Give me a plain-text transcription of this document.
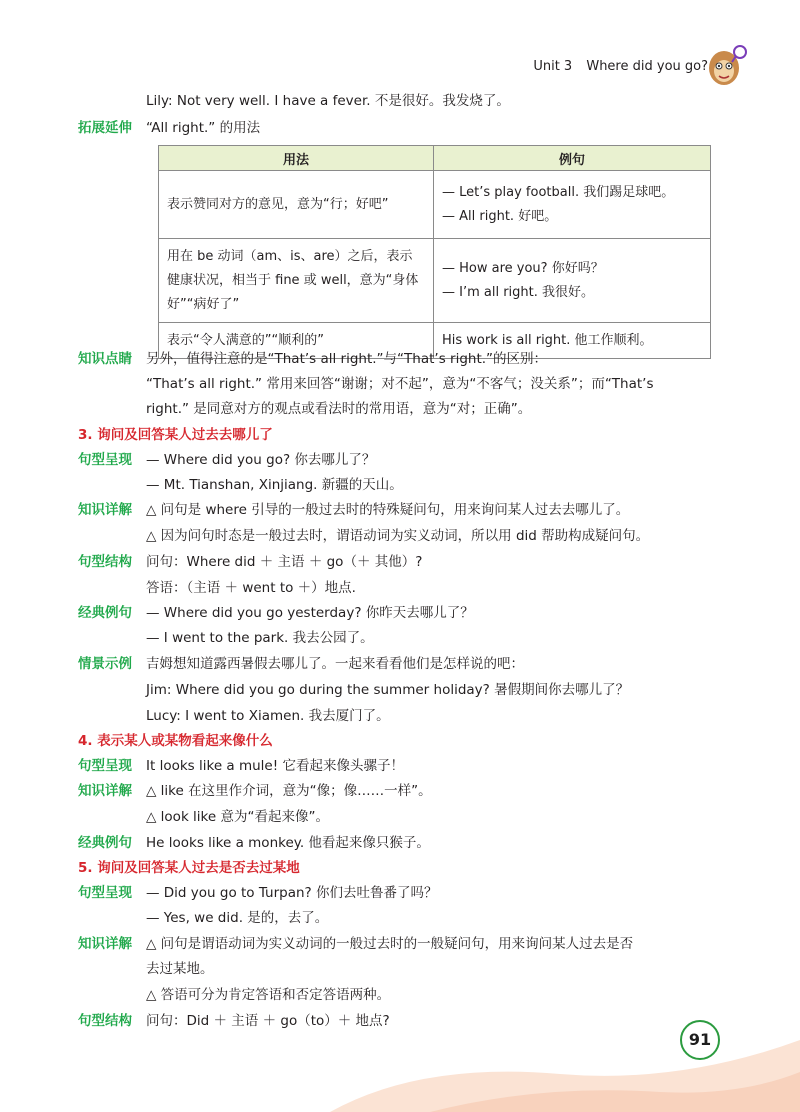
Unit 3 Where did you go?
Lily: Not very well. I have a fever. 不是很好。我发烧了。
拓展延伸 “All right.” 的用法
用法	例句
表示赞同对方的意见，意为“行；好吧”	— Let’s play football. 我们踢足球吧。
— All right. 好吧。

用在 be 动词（am、is、are）之后，表示健康状况，相当于 fine 或 well，意为“身体好”“病好了”	— How are you? 你好吗？
— I’m all right. 我很好。

表示“令人满意的”“顺利的”	His work is all right. 他工作顺利。
知识点睛 另外，值得注意的是“That’s all right.”与“That’s right.”的区别：
“That’s all right.” 常用来回答“谢谢；对不起”，意为“不客气；没关系”；而“That’s
right.” 是同意对方的观点或看法时的常用语，意为“对；正确”。
3. 询问及回答某人过去去哪儿了
句型呈现 — Where did you go? 你去哪儿了？
— Mt. Tianshan, Xinjiang. 新疆的天山。
知识详解 △ 问句是 where 引导的一般过去时的特殊疑问句，用来询问某人过去去哪儿了。
△ 因为问句时态是一般过去时，谓语动词为实义动词，所以用 did 帮助构成疑问句。
句型结构 问句：Where did ＋ 主语 ＋ go（＋ 其他）?
答语：（主语 ＋ went to ＋）地点.
经典例句 — Where did you go yesterday? 你昨天去哪儿了？
— I went to the park. 我去公园了。
情景示例 吉姆想知道露西暑假去哪儿了。一起来看看他们是怎样说的吧：
Jim: Where did you go during the summer holiday? 暑假期间你去哪儿了？
Lucy: I went to Xiamen. 我去厦门了。
4. 表示某人或某物看起来像什么
句型呈现 It looks like a mule! 它看起来像头骡子！
知识详解 △ like 在这里作介词，意为“像；像……一样”。
△ look like 意为“看起来像”。
经典例句 He looks like a monkey. 他看起来像只猴子。
5. 询问及回答某人过去是否去过某地
句型呈现 — Did you go to Turpan? 你们去吐鲁番了吗？
— Yes, we did. 是的，去了。
知识详解 △ 问句是谓语动词为实义动词的一般过去时的一般疑问句，用来询问某人过去是否
去过某地。
△ 答语可分为肯定答语和否定答语两种。
句型结构 问句：Did ＋ 主语 ＋ go（to）＋ 地点?
91
